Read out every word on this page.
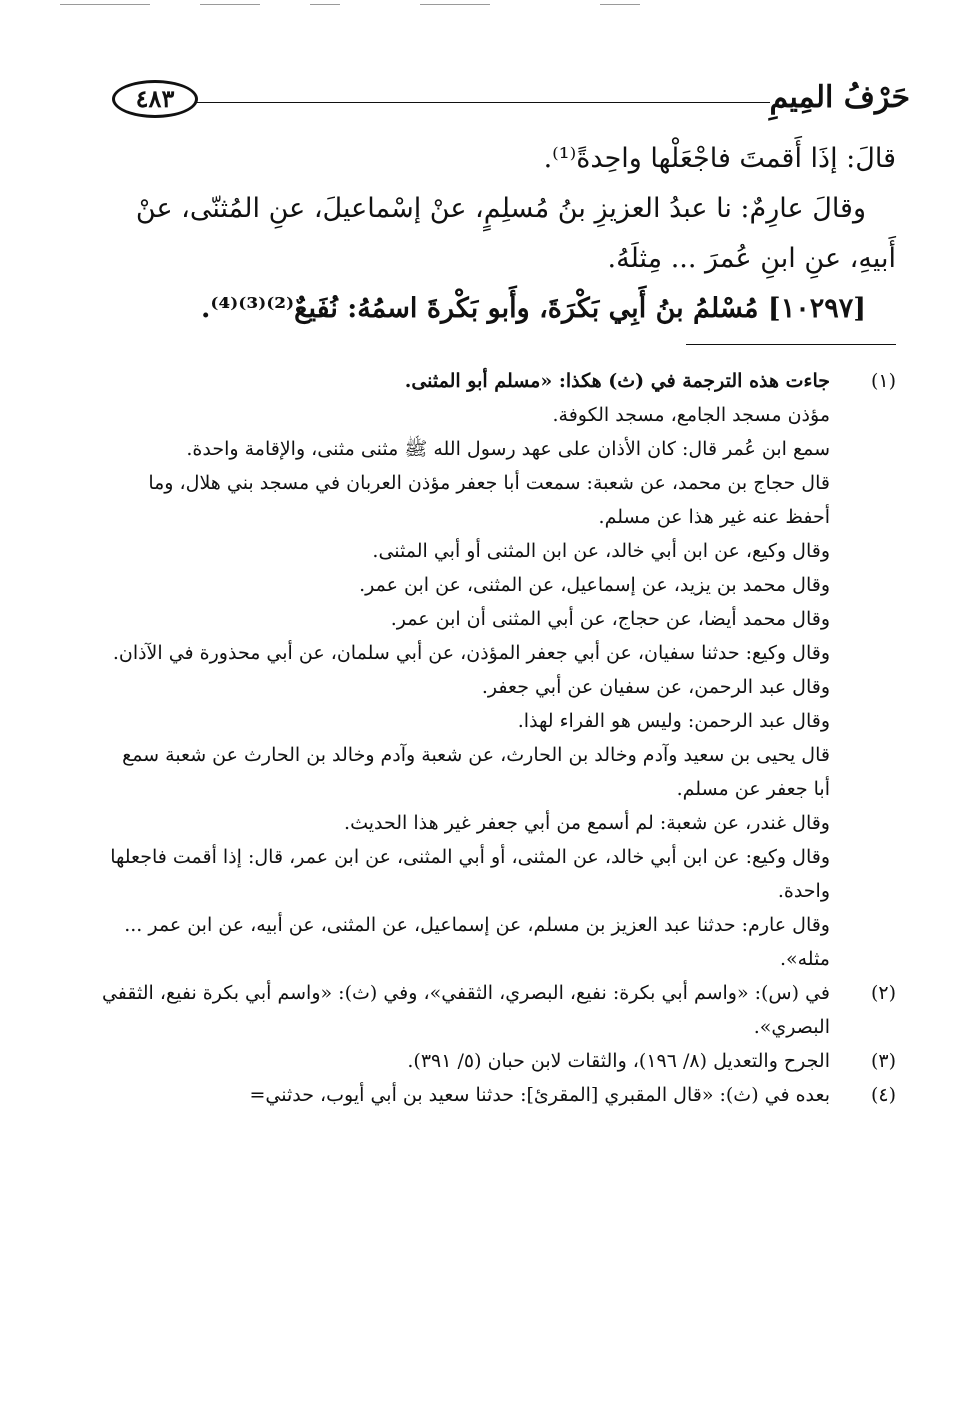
حَرْفُ المِيمِ
٤٨٣

قالَ: إذَا أَقمتَ فاجْعَلْها واحِدةً⁽¹⁾.

وقالَ عارِمٌ: نا عبدُ العزيزِ بنُ مُسلِمٍ، عنْ إسْماعيلَ، عنِ المُثنّى، عنْ أَبيهِ، عنِ ابنِ عُمرَ ... مِثلَهُ.

[١٠٢٩٧] مُسْلمُ بنُ أَبِي بَكْرَةَ، وأَبو بَكْرةَ اسمُهُ: نُفَيعٌ⁽²⁾⁽³⁾⁽⁴⁾.

(١)

جاءت هذه الترجمة في (ث) هكذا: «مسلم أبو المثنى.

مؤذن مسجد الجامع، مسجد الكوفة.

سمع ابن عُمر قال: كان الأذان على عهد رسول الله ﷺ مثنى مثنى، والإقامة واحدة.

قال حجاج بن محمد، عن شعبة: سمعت أبا جعفر مؤذن العربان في مسجد بني هلال، وما أحفظ عنه غير هذا عن مسلم.

وقال وكيع، عن ابن أبي خالد، عن ابن المثنى أو أبي المثنى.

وقال محمد بن يزيد، عن إسماعيل، عن المثنى، عن ابن عمر.

وقال محمد أيضا، عن حجاج، عن أبي المثنى أن ابن عمر.

وقال وكيع: حدثنا سفيان، عن أبي جعفر المؤذن، عن أبي سلمان، عن أبي محذورة في الآذان.

وقال عبد الرحمن، عن سفيان عن أبي جعفر.

وقال عبد الرحمن: وليس هو الفراء لهذا.

قال يحيى بن سعيد وآدم وخالد بن الحارث، عن شعبة وآدم وخالد بن الحارث عن شعبة سمع أبا جعفر عن مسلم.

وقال غندر، عن شعبة: لم أسمع من أبي جعفر غير هذا الحديث.

وقال وكيع: عن ابن أبي خالد، عن المثنى، أو أبي المثنى، عن ابن عمر، قال: إذا أقمت فاجعلها واحدة.

وقال عارم: حدثنا عبد العزيز بن مسلم، عن إسماعيل، عن المثنى، عن أبيه، عن ابن عمر ... مثله».

(٢)

في (س): «واسم أبي بكرة: نفيع، البصري، الثقفي»، وفي (ث): «واسم أبي بكرة نفيع، الثقفي البصري».

(٣)

الجرح والتعديل (٨/ ١٩٦)، والثقات لابن حبان (٥/ ٣٩١).

(٤)

بعده في (ث): «قال المقبري [المقرئ]: حدثنا سعيد بن أبي أيوب، حدثني=
